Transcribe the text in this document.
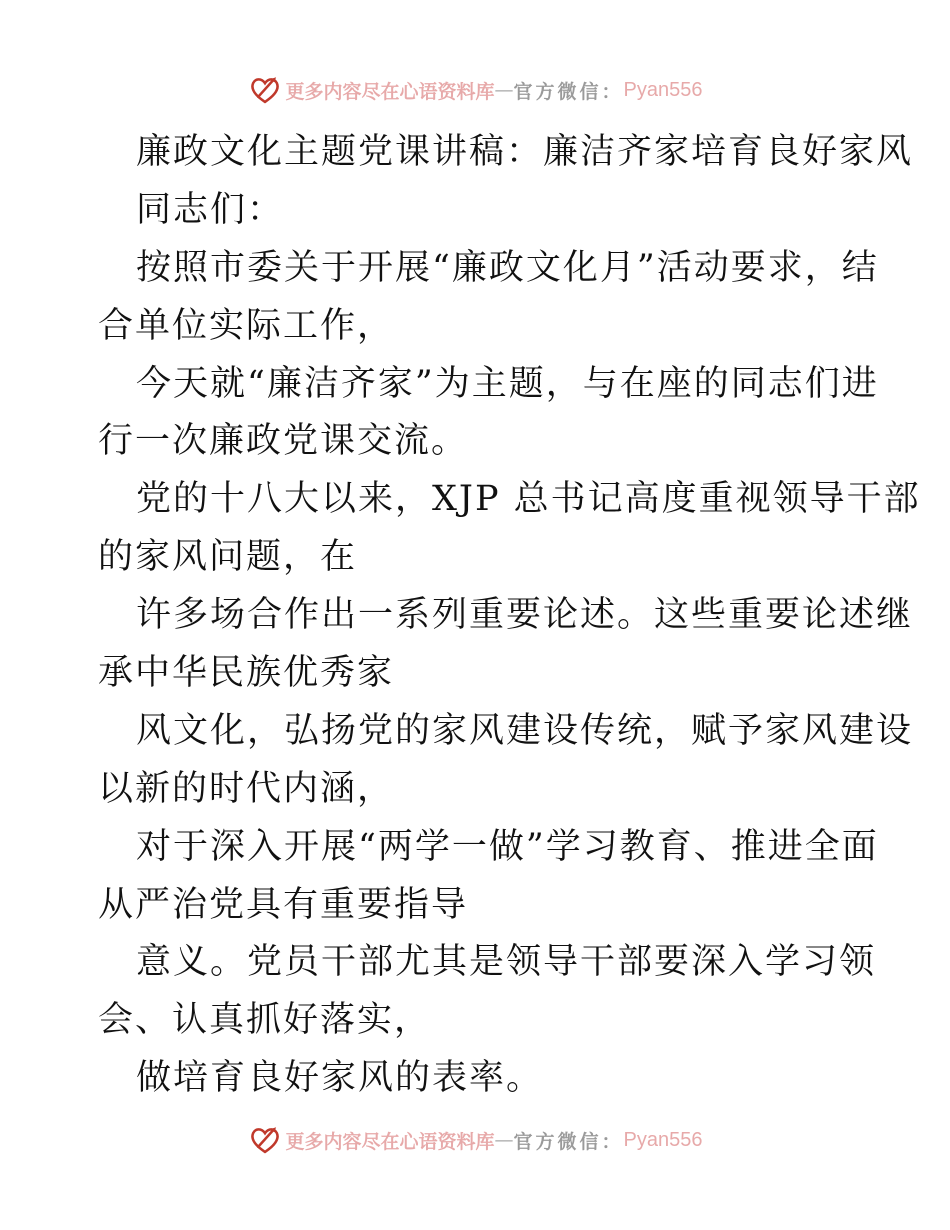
更多内容尽在心语资料库 — 官方微信： Pyan556
廉政文化主题党课讲稿：廉洁齐家培育良好家风
同志们：
按照市委关于开展“廉政文化月”活动要求，结
合单位实际工作，
今天就“廉洁齐家”为主题，与在座的同志们进
行一次廉政党课交流。
党的十八大以来，XJP 总书记高度重视领导干部
的家风问题，在
许多场合作出一系列重要论述。这些重要论述继
承中华民族优秀家
风文化，弘扬党的家风建设传统，赋予家风建设
以新的时代内涵，
对于深入开展“两学一做”学习教育、推进全面
从严治党具有重要指导
意义。党员干部尤其是领导干部要深入学习领
会、认真抓好落实，
做培育良好家风的表率。
更多内容尽在心语资料库 — 官方微信： Pyan556
